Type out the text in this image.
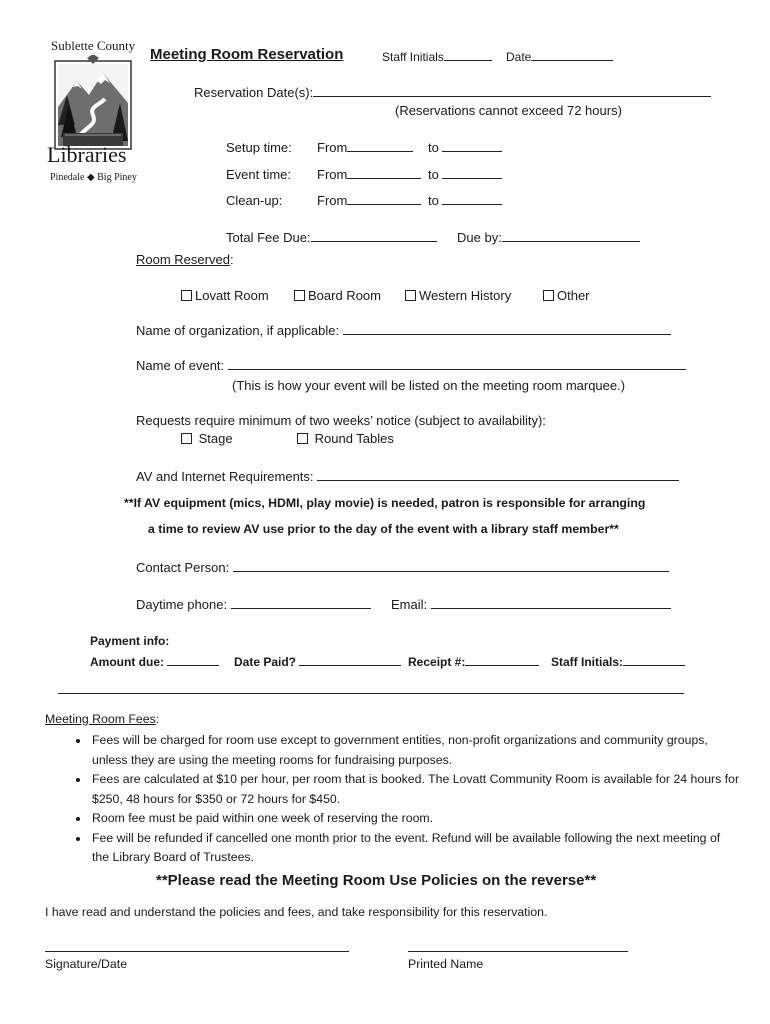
Sublette County
Libraries
Pinedale ◆ Big Piney
Meeting Room Reservation	Staff Initials	Date
Reservation Date(s):
(Reservations cannot exceed 72 hours)
Setup time: From	to
Event time: From	to
Clean-up:	From	to
Total Fee Due:	Due by:
Room Reserved:
Lovatt Room	Board Room	Western History	Other
Name of organization, if applicable:
Name of event:
(This is how your event will be listed on the meeting room marquee.)
Requests require minimum of two weeks’ notice (subject to availability):
Stage	Round Tables
AV and Internet Requirements:
**If AV equipment (mics, HDMI, play movie) is needed, patron is responsible for arranging
a time to review AV use prior to the day of the event with a library staff member**
Contact Person:
Daytime phone:	Email:
Payment info:
Amount due:	Date Paid?	Receipt #:	Staff Initials:
Meeting Room Fees:
• Fees will be charged for room use except to government entities, non-profit organizations and community groups, unless they are using the meeting rooms for fundraising purposes.
• Fees are calculated at $10 per hour, per room that is booked. The Lovatt Community Room is available for 24 hours for $250, 48 hours for $350 or 72 hours for $450.
• Room fee must be paid within one week of reserving the room.
• Fee will be refunded if cancelled one month prior to the event. Refund will be available following the next meeting of the Library Board of Trustees.
**Please read the Meeting Room Use Policies on the reverse**
I have read and understand the policies and fees, and take responsibility for this reservation.
Signature/Date	Printed Name
